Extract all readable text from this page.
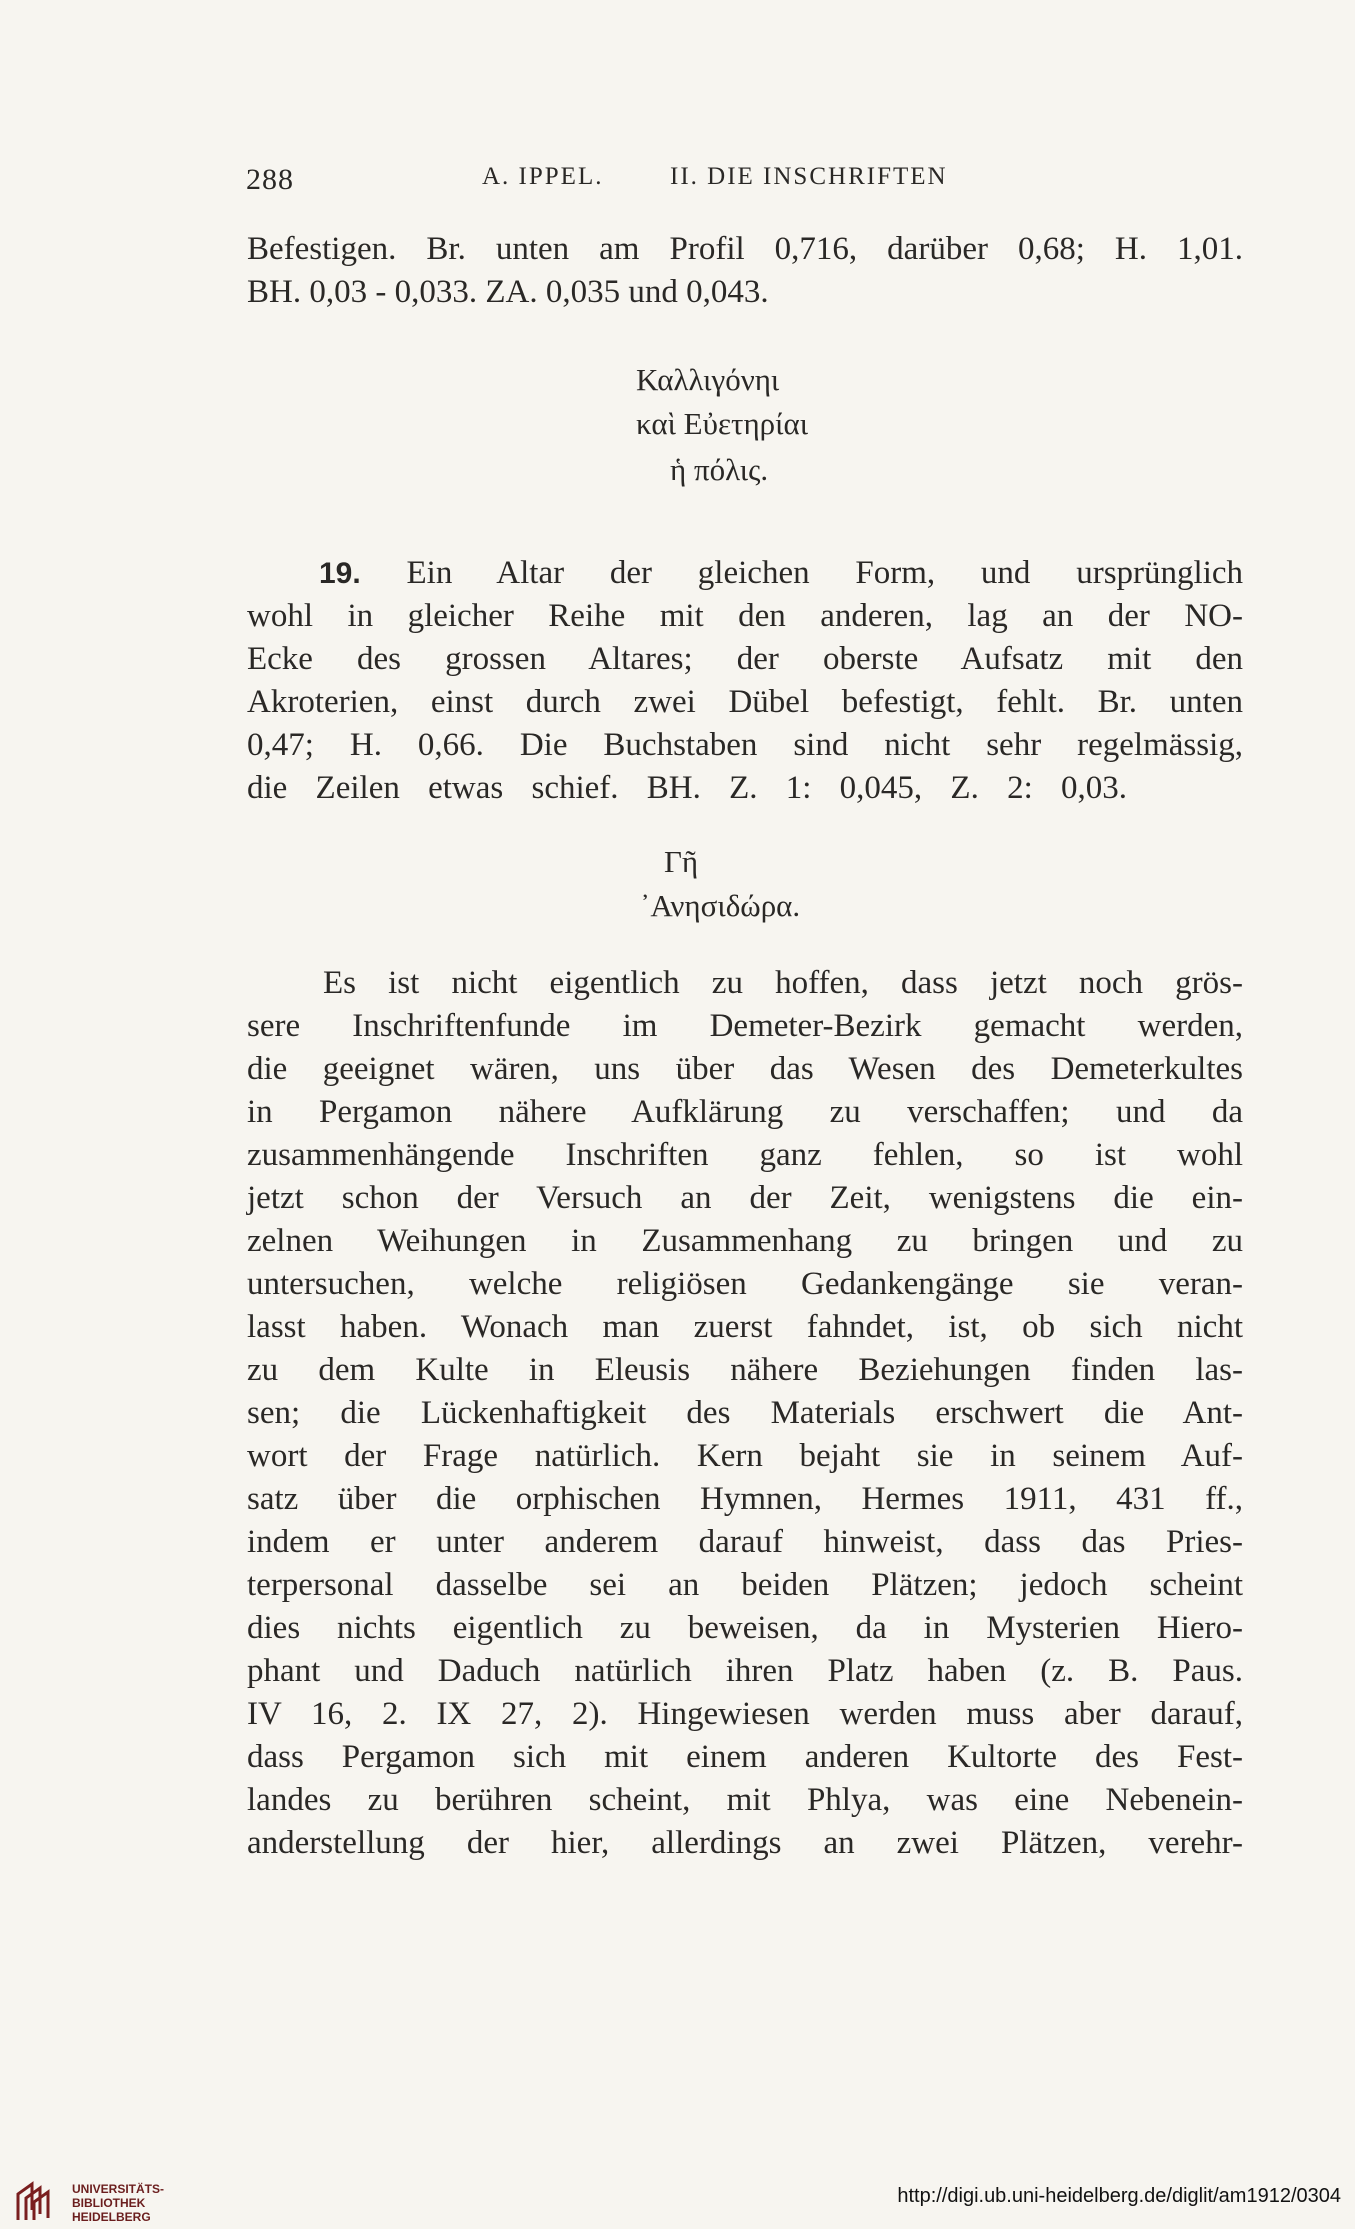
288	A. IPPEL.	II. DIE INSCHRIFTEN
Befestigen. Br. unten am Profil 0,716, darüber 0,68; H. 1,01.
BH. 0,03 - 0,033. ZA. 0,035 und 0,043.
Καλλιγόνηι
καὶ Εὐετηρίαι
ἡ πόλις.
19. Ein Altar der gleichen Form, und ursprünglich
wohl in gleicher Reihe mit den anderen, lag an der NO-
Ecke des grossen Altares; der oberste Aufsatz mit den
Akroterien, einst durch zwei Dübel befestigt, fehlt. Br. unten
0,47; H. 0,66. Die Buchstaben sind nicht sehr regelmässig,
die Zeilen etwas schief. BH. Z. 1: 0,045, Z. 2: 0,03.
Γῆ
᾿Ανησιδώρα.
Es ist nicht eigentlich zu hoffen, dass jetzt noch grös-
sere Inschriftenfunde im Demeter-Bezirk gemacht werden,
die geeignet wären, uns über das Wesen des Demeterkultes
in Pergamon nähere Aufklärung zu verschaffen; und da
zusammenhängende Inschriften ganz fehlen, so ist wohl
jetzt schon der Versuch an der Zeit, wenigstens die ein-
zelnen Weihungen in Zusammenhang zu bringen und zu
untersuchen, welche religiösen Gedankengänge sie veran-
lasst haben. Wonach man zuerst fahndet, ist, ob sich nicht
zu dem Kulte in Eleusis nähere Beziehungen finden las-
sen; die Lückenhaftigkeit des Materials erschwert die Ant-
wort der Frage natürlich. Kern bejaht sie in seinem Auf-
satz über die orphischen Hymnen, Hermes 1911, 431 ff.,
indem er unter anderem darauf hinweist, dass das Pries-
terpersonal dasselbe sei an beiden Plätzen; jedoch scheint
dies nichts eigentlich zu beweisen, da in Mysterien Hiero-
phant und Daduch natürlich ihren Platz haben (z. B. Paus.
IV 16, 2. IX 27, 2). Hingewiesen werden muss aber darauf,
dass Pergamon sich mit einem anderen Kultorte des Fest-
landes zu berühren scheint, mit Phlya, was eine Nebenein-
anderstellung der hier, allerdings an zwei Plätzen, verehr-
UNIVERSITÄTS-
BIBLIOTHEK
HEIDELBERG
http://digi.ub.uni-heidelberg.de/diglit/am1912/0304
